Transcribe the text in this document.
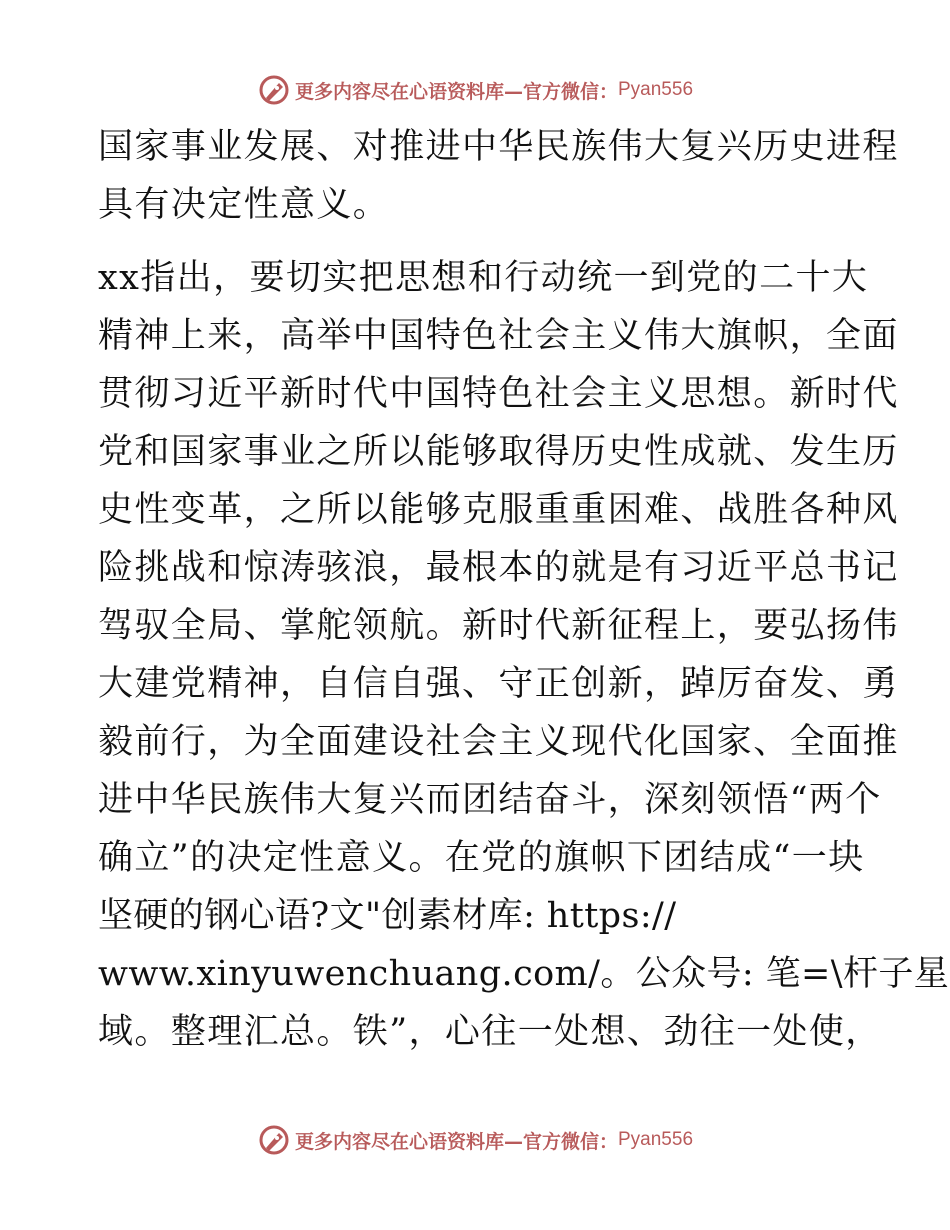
更多内容尽在心语资料库— 官方微信： Pyan556
国家事业发展、对推进中华民族伟大复兴历史进程
具有决定性意义。
xx指出，要切实把思想和行动统一到党的二十大
精神上来，高举中国特色社会主义伟大旗帜，全面
贯彻习近平新时代中国特色社会主义思想。新时代
党和国家事业之所以能够取得历史性成就、发生历
史性变革，之所以能够克服重重困难、战胜各种风
险挑战和惊涛骇浪，最根本的就是有习近平总书记
驾驭全局、掌舵领航。新时代新征程上，要弘扬伟
大建党精神，自信自强、守正创新，踔厉奋发、勇
毅前行，为全面建设社会主义现代化国家、全面推
进中华民族伟大复兴而团结奋斗，深刻领悟“两个
确立”的决定性意义。在党的旗帜下团结成“一块
坚硬的钢心语?文"创素材库: https://
www.xinyuwenchuang.com/。公众号: 笔=\杆子星
域。整理汇总。铁”，心往一处想、劲往一处使，
更多内容尽在心语资料库— 官方微信： Pyan556
